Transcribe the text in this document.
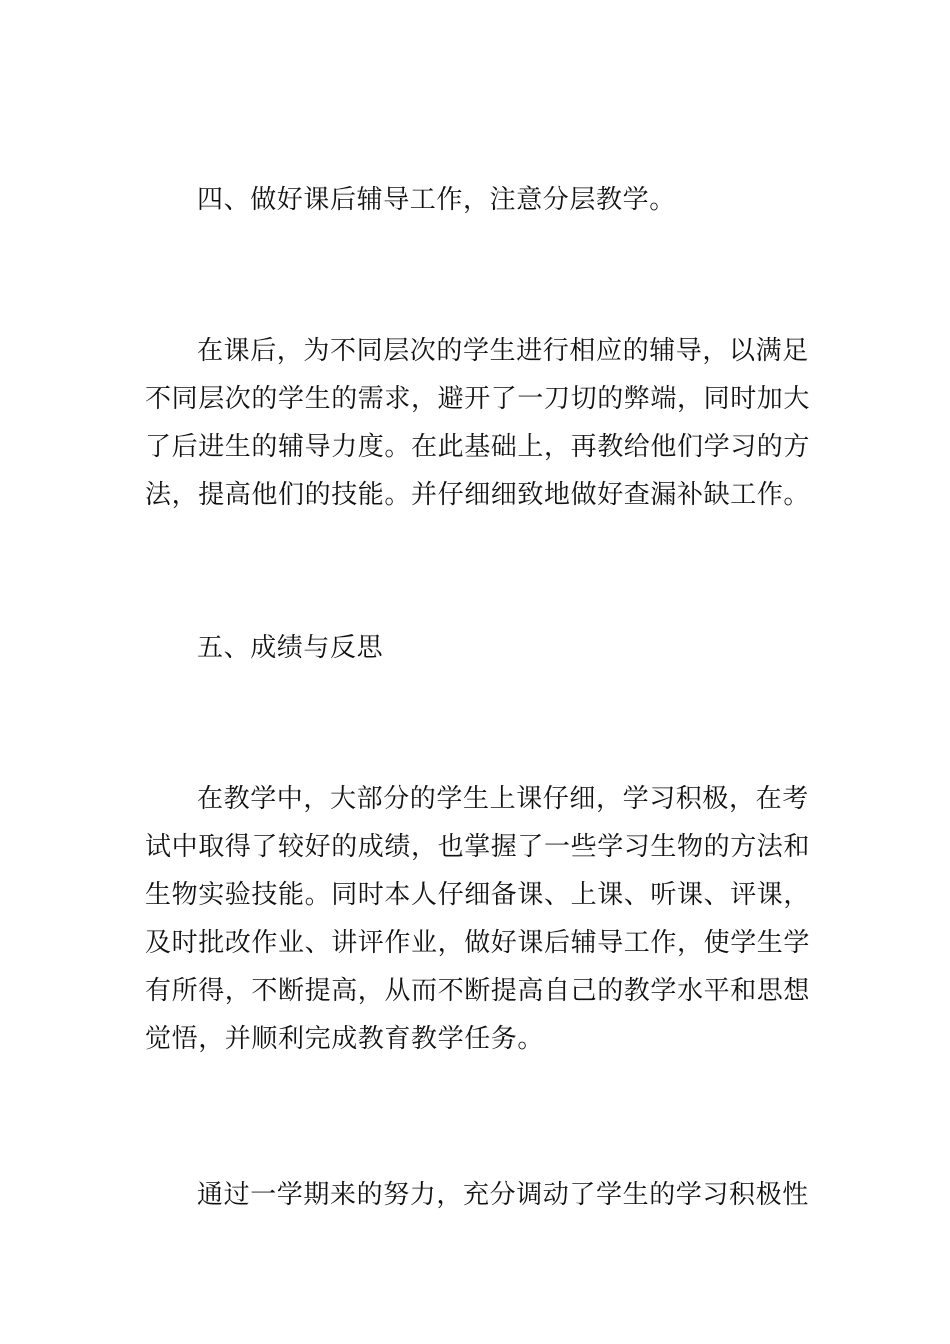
四、做好课后辅导工作，注意分层教学。
在课后，为不同层次的学生进行相应的辅导，以满足
不同层次的学生的需求，避开了一刀切的弊端，同时加大
了后进生的辅导力度。在此基础上，再教给他们学习的方
法，提高他们的技能。并仔细细致地做好查漏补缺工作。
五、成绩与反思
在教学中，大部分的学生上课仔细，学习积极，在考
试中取得了较好的成绩，也掌握了一些学习生物的方法和
生物实验技能。同时本人仔细备课、上课、听课、评课，
及时批改作业、讲评作业，做好课后辅导工作，使学生学
有所得，不断提高，从而不断提高自己的教学水平和思想
觉悟，并顺利完成教育教学任务。
通过一学期来的努力，充分调动了学生的学习积极性
